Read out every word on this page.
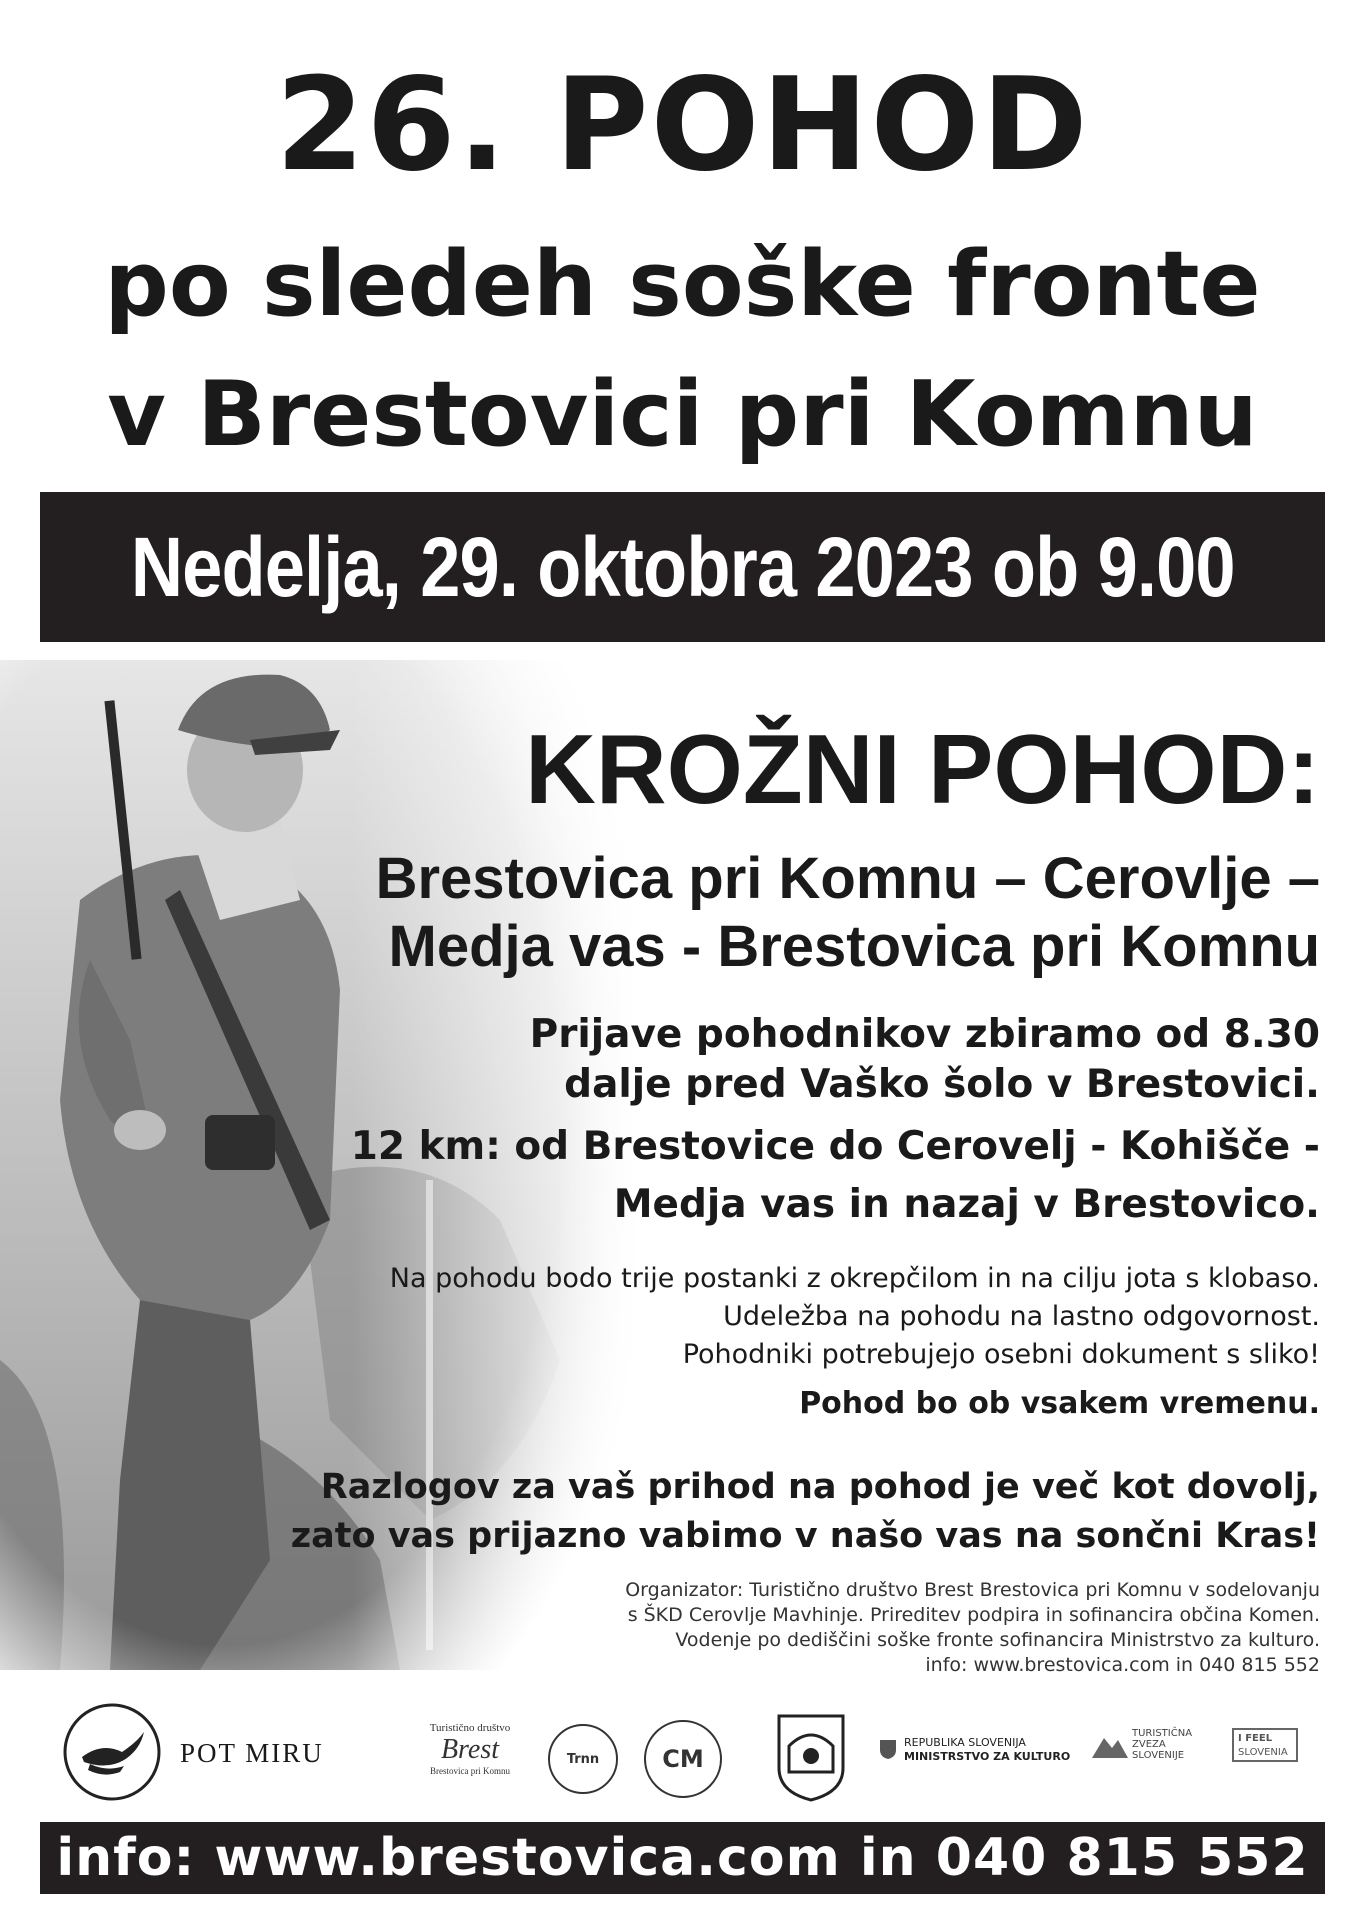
26. POHOD
po sledeh soške fronte
v Brestovici pri Komnu
Nedelja, 29. oktobra 2023 ob 9.00
KROŽNI POHOD:
Brestovica pri Komnu – Cerovlje –
Medja vas - Brestovica pri Komnu
Prijave pohodnikov zbiramo od 8.30
dalje pred Vaško šolo v Brestovici.
12 km: od Brestovice do Cerovelj - Kohišče -
Medja vas in nazaj v Brestovico.
Na pohodu bodo trije postanki z okrepčilom in na cilju jota s klobaso.
Udeležba na pohodu na lastno odgovornost.
Pohodniki potrebujejo osebni dokument s sliko!
Pohod bo ob vsakem vremenu.
Razlogov za vaš prihod na pohod je več kot dovolj,
zato vas prijazno vabimo v našo vas na sončni Kras!
Organizator: Turistično društvo Brest Brestovica pri Komnu v sodelovanju
s ŠKD Cerovlje Mavhinje. Prireditev podpira in sofinancira občina Komen.
Vodenje po dediščini soške fronte sofinancira Ministrstvo za kulturo.
info: www.brestovica.com in 040 815 552
POT MIRU
Turistično društvo
Brest
Brestovica pri Komnu
Trnn	CM
REPUBLIKA SLOVENIJA
MINISTRSTVO ZA KULTURO
TURISTIČNA
ZVEZA
SLOVENIJE
I FEEL
SLOVENIA
info: www.brestovica.com in 040 815 552
